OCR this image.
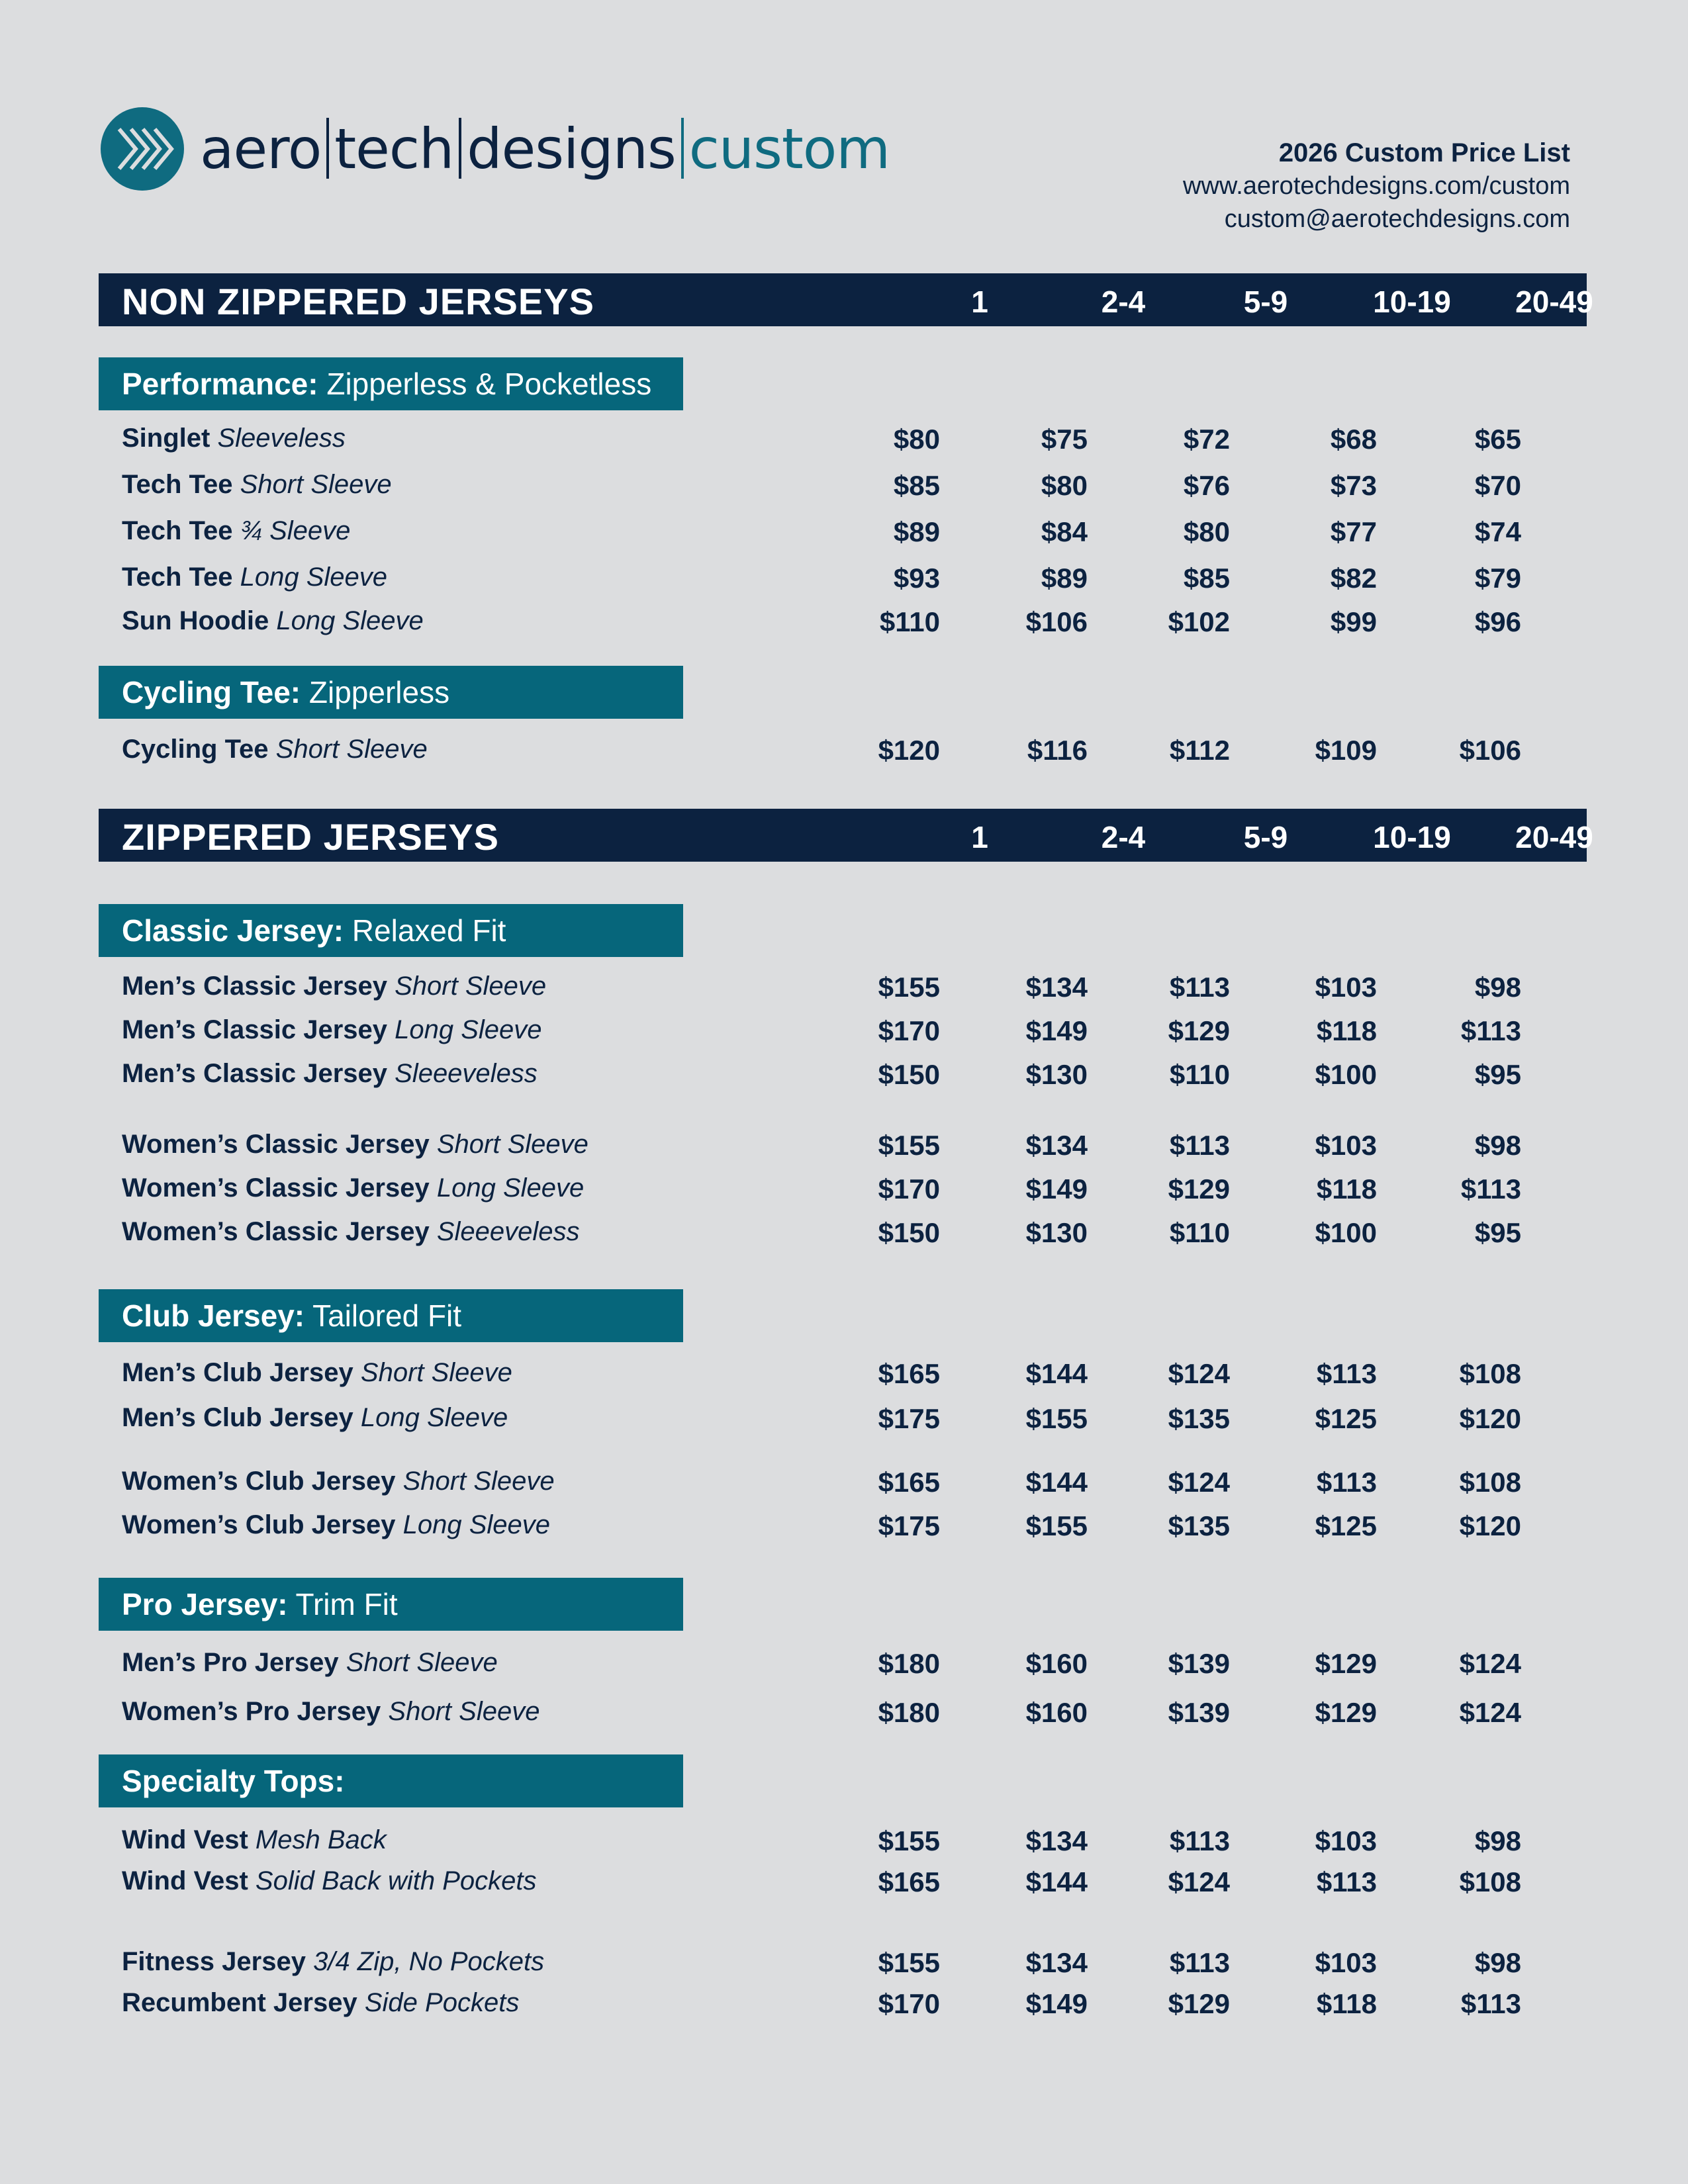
aero tech designs custom	2026 Custom Price List
www.aerotechdesigns.com/custom
custom@aerotechdesigns.com
NON ZIPPERED JERSEYS	1	2-4	5-9	10-19	20-49
Performance: Zipperless & Pocketless
Cycling Tee: Zipperless
ZIPPERED JERSEYS	1	2-4	5-9	10-19	20-49
Classic Jersey: Relaxed Fit
Club Jersey: Tailored Fit
Pro Jersey: Trim Fit
Specialty Tops:
Singlet Sleeveless	$80	$75	$72	$68	$65
Tech Tee Short Sleeve	$85	$80	$76	$73	$70
Tech Tee ¾ Sleeve	$89	$84	$80	$77	$74
Tech Tee Long Sleeve	$93	$89	$85	$82	$79
Sun Hoodie Long Sleeve	$110	$106	$102	$99	$96
Cycling Tee Short Sleeve	$120	$116	$112	$109	$106
Men’s Classic Jersey Short Sleeve	$155	$134	$113	$103	$98
Men’s Classic Jersey Long Sleeve	$170	$149	$129	$118	$113
Men’s Classic Jersey Sleeeveless	$150	$130	$110	$100	$95
Women’s Classic Jersey Short Sleeve	$155	$134	$113	$103	$98
Women’s Classic Jersey Long Sleeve	$170	$149	$129	$118	$113
Women’s Classic Jersey Sleeeveless	$150	$130	$110	$100	$95
Men’s Club Jersey Short Sleeve	$165	$144	$124	$113	$108
Men’s Club Jersey Long Sleeve	$175	$155	$135	$125	$120
Women’s Club Jersey Short Sleeve	$165	$144	$124	$113	$108
Women’s Club Jersey Long Sleeve	$175	$155	$135	$125	$120
Men’s Pro Jersey Short Sleeve	$180	$160	$139	$129	$124
Women’s Pro Jersey Short Sleeve	$180	$160	$139	$129	$124
Wind Vest Mesh Back	$155	$134	$113	$103	$98
Wind Vest Solid Back with Pockets	$165	$144	$124	$113	$108
Fitness Jersey 3/4 Zip, No Pockets	$155	$134	$113	$103	$98
Recumbent Jersey Side Pockets	$170	$149	$129	$118	$113
